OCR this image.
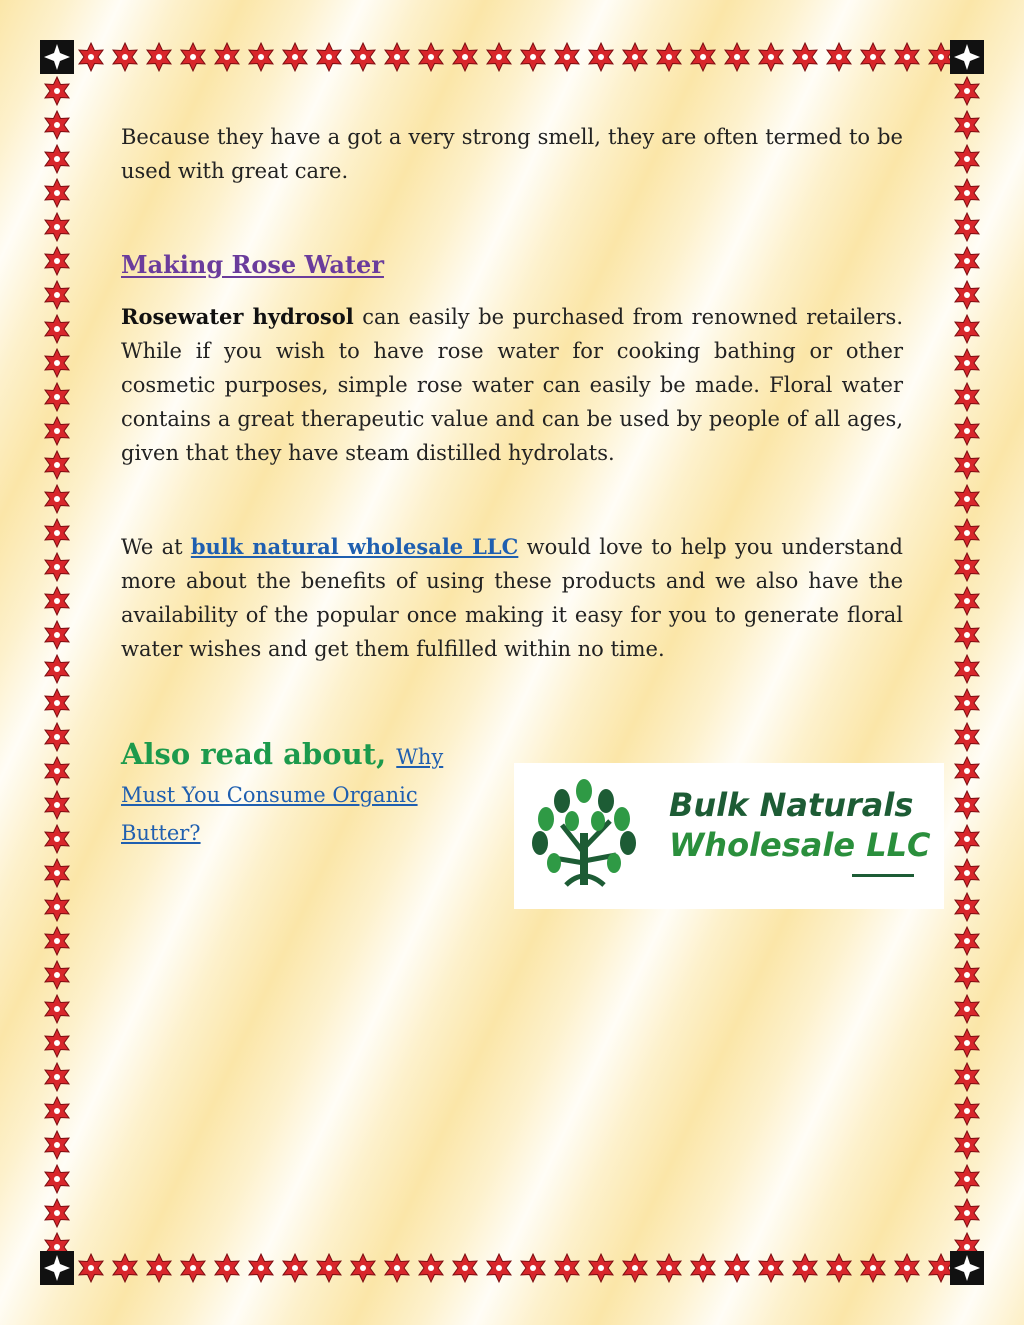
Because they have a got a very strong smell, they are often termed to be used with great care.

Making Rose Water

Rosewater hydrosol can easily be purchased from renowned retailers. While if you wish to have rose water for cooking bathing or other cosmetic purposes, simple rose water can easily be made. Floral water contains a great therapeutic value and can be used by people of all ages, given that they have steam distilled hydrolats.

We at bulk natural wholesale LLC would love to help you understand more about the benefits of using these products and we also have the availability of the popular once making it easy for you to generate floral water wishes and get them fulfilled within no time.

Also read about, Why Must You Consume Organic Butter?
Bulk Naturals
Wholesale LLC
